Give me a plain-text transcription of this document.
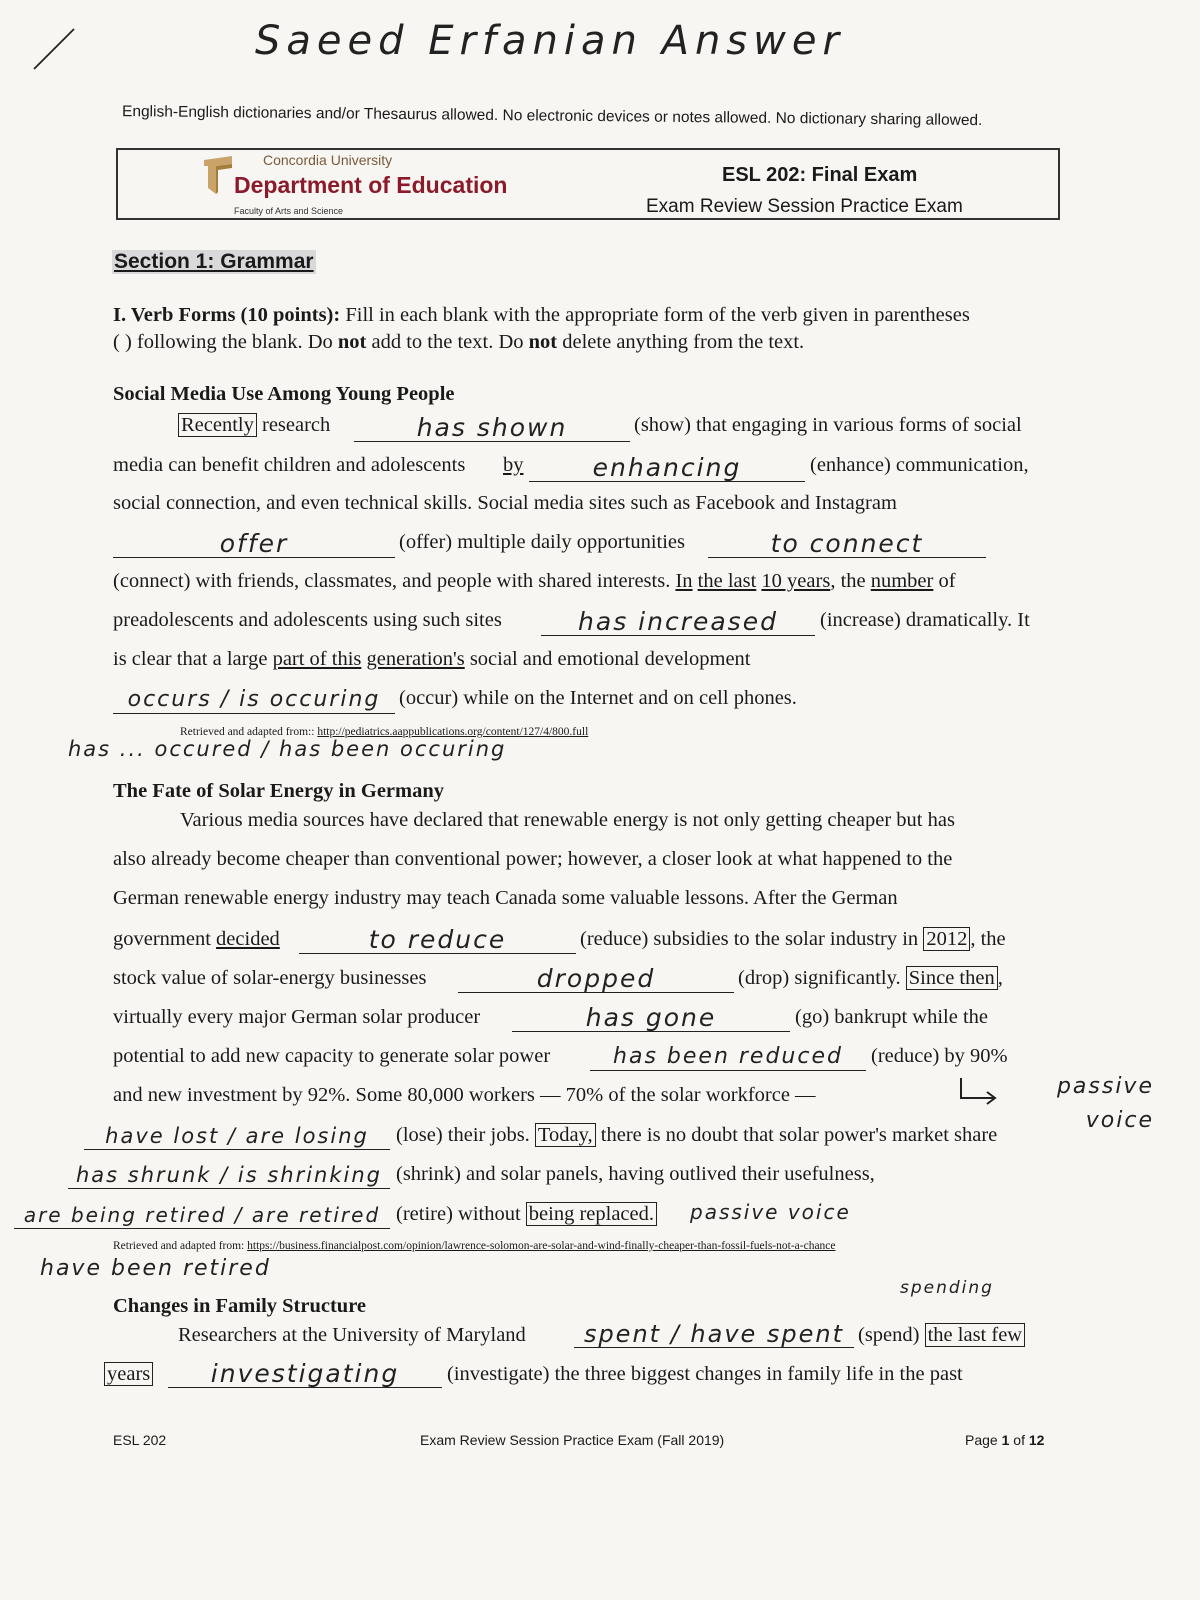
Saeed Erfanian Answer
English-English dictionaries and/or Thesaurus allowed. No electronic devices or notes allowed. No dictionary sharing allowed.
Concordia University
Department of Education
Faculty of Arts and Science
ESL 202: Final Exam
Exam Review Session Practice Exam
Section 1: Grammar
I. Verb Forms (10 points): Fill in each blank with the appropriate form of the verb given in parentheses
( ) following the blank. Do not add to the text. Do not delete anything from the text.
Social Media Use Among Young People
Recently research	has shown	(show) that engaging in various forms of social
media can benefit children and adolescents by	enhancing	(enhance) communication,
social connection, and even technical skills. Social media sites such as Facebook and Instagram
offer	(offer) multiple daily opportunities	to connect
(connect) with friends, classmates, and people with shared interests. In the last 10 years, the number of
preadolescents and adolescents using such sites	has increased	(increase) dramatically. It
is clear that a large part of this generation's social and emotional development
occurs / is occuring (occur) while on the Internet and on cell phones.
Retrieved and adapted from:: http://pediatrics.aappublications.org/content/127/4/800.full
has ... occured / has been occuring
The Fate of Solar Energy in Germany
Various media sources have declared that renewable energy is not only getting cheaper but has
also already become cheaper than conventional power; however, a closer look at what happened to the
German renewable energy industry may teach Canada some valuable lessons. After the German
government decided	to reduce	(reduce) subsidies to the solar industry in 2012 , the
stock value of solar-energy businesses	dropped	(drop) significantly. Since then ,
virtually every major German solar producer	has gone	(go) bankrupt while the
potential to add new capacity to generate solar power	has been reduced	(reduce) by 90%
and new investment by 92%. Some 80,000 workers — 70% of the solar workforce —	passive voice
have lost / are losing	(lose) their jobs. Today, there is no doubt that solar power's market share
has shrunk / is shrinking (shrink) and solar panels, having outlived their usefulness,
are being retired / are retired (retire) without being replaced. passive voice
Retrieved and adapted from: https://business.financialpost.com/opinion/lawrence-solomon-are-solar-and-wind-finally-cheaper-than-fossil-fuels-not-a-chance
have been retired
Changes in Family Structure
spending
Researchers at the University of Maryland	spent / have spent (spend) the last few
years	investigating	(investigate) the three biggest changes in family life in the past
ESL 202	Exam Review Session Practice Exam (Fall 2019)	Page 1 of 12
